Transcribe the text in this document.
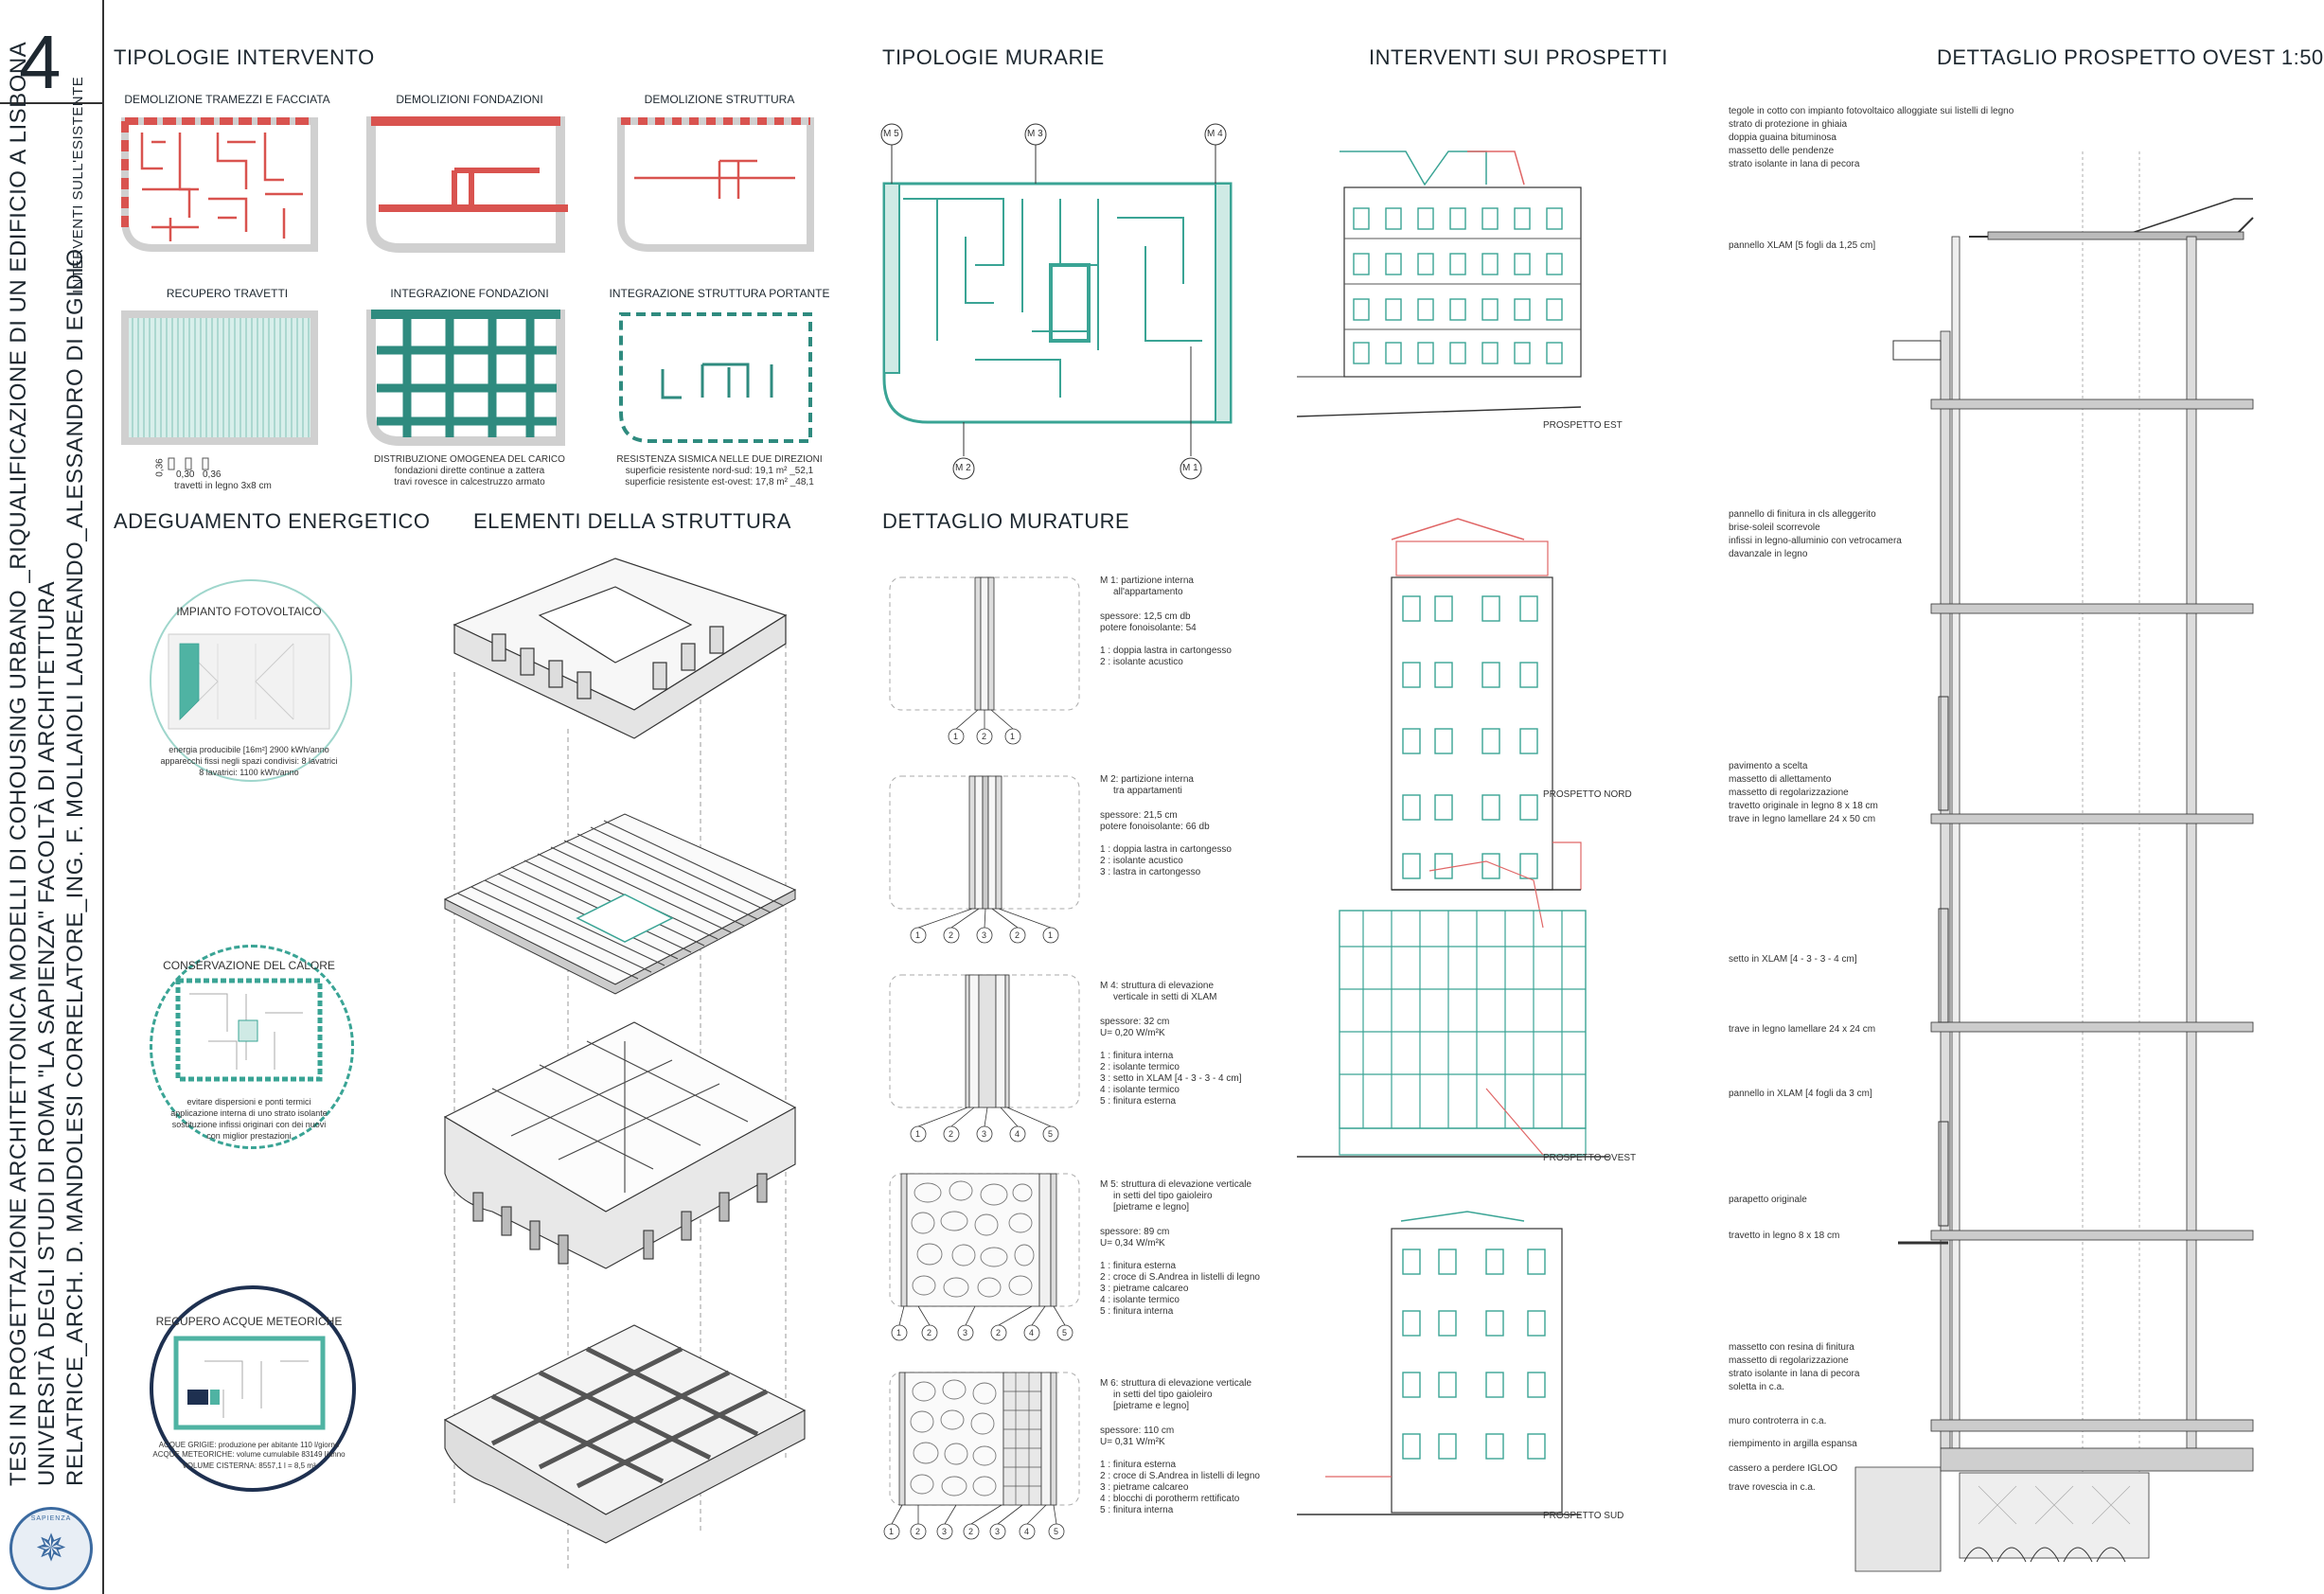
4
INTERVENTI SULL'ESISTENTE
TESI IN PROGETTAZIONE ARCHITETTONICA MODELLI DI COHOUSING URBANO _RIQUALIFICAZIONE DI UN EDIFICIO A LISBONA UNIVERSITÀ DEGLI STUDI DI ROMA "LA SAPIENZA" FACOLTÀ DI ARCHITETTURA RELATRICE_ARCH. D. MANDOLESI CORRELATORE_ING. F. MOLLAIOLI LAUREANDO_ALESSANDRO DI EGIDIO
✵
SAPIENZA
TIPOLOGIE INTERVENTO
DEMOLIZIONE TRAMEZZI E FACCIATA	DEMOLIZIONI FONDAZIONI	DEMOLIZIONE STRUTTURA
RECUPERO TRAVETTI	INTEGRAZIONE FONDAZIONI	INTEGRAZIONE STRUTTURA PORTANTE
0,36 0,30 0,36
travetti in legno 3x8 cm
DISTRIBUZIONE OMOGENEA DEL CARICO
fondazioni dirette continue a zattera
travi rovesce in calcestruzzo armato
RESISTENZA SISMICA NELLE DUE DIREZIONI
superficie resistente nord-sud: 19,1 m² _52,1
superficie resistente est-ovest: 17,8 m² _48,1
TIPOLOGIE MURARIE
M 5	M 3	M 4
M 2	M 1
INTERVENTI SUI PROSPETTI
PROSPETTO EST
PROSPETTO NORD
PROSPETTO OVEST
PROSPETTO SUD
DETTAGLIO PROSPETTO OVEST 1:50
tegole in cotto con impianto fotovoltaico alloggiate sui listelli di legno
strato di protezione in ghiaia
doppia guaina bituminosa
massetto delle pendenze
strato isolante in lana di pecora
pannello XLAM [5 fogli da 1,25 cm]
pannello di finitura in cls alleggerito
brise-soleil scorrevole
infissi in legno-alluminio con vetrocamera
davanzale in legno
pavimento a scelta
massetto di allettamento
massetto di regolarizzazione
travetto originale in legno 8 x 18 cm
trave in legno lamellare 24 x 50 cm
setto in XLAM [4 - 3 - 3 - 4 cm]
trave in legno lamellare 24 x 24 cm
pannello in XLAM [4 fogli da 3 cm]
parapetto originale
travetto in legno 8 x 18 cm
massetto con resina di finitura
massetto di regolarizzazione
strato isolante in lana di pecora
soletta in c.a.
muro controterra in c.a.
riempimento in argilla espansa
cassero a perdere IGLOO
trave rovescia in c.a.
ADEGUAMENTO ENERGETICO
IMPIANTO FOTOVOLTAICO
energia producibile [16m²] 2900 kWh/anno
apparecchi fissi negli spazi condivisi: 8 lavatrici
8 lavatrici: 1100 kWh/anno
CONSERVAZIONE DEL CALORE
evitare dispersioni e ponti termici
applicazione interna di uno strato isolante
sostituzione infissi originari con dei nuovi
con miglior prestazioni
RECUPERO ACQUE METEORICHE
ACQUE GRIGIE: produzione per abitante 110 l/giorno
ACQUE METEORICHE: volume cumulabile 83149 l/anno
VOLUME CISTERNA: 8557,1 l = 8,5 m³
ELEMENTI DELLA STRUTTURA	DETTAGLIO MURATURE
1	2	1
1	2	3	2	1
1	2	3	4	5
1	2	3	2	4	5
1	2	3	2	3	4	5
M 1: partizione interna
all'appartamento
spessore: 12,5 cm db
potere fonoisolante: 54
1 : doppia lastra in cartongesso
2 : isolante acustico
M 2: partizione interna
tra appartamenti
spessore: 21,5 cm
potere fonoisolante: 66 db
1 : doppia lastra in cartongesso
2 : isolante acustico
3 : lastra in cartongesso
M 4: struttura di elevazione
verticale in setti di XLAM
spessore: 32 cm
U= 0,20 W/m²K
1 : finitura interna
2 : isolante termico
3 : setto in XLAM [4 - 3 - 3 - 4 cm]
4 : isolante termico
5 : finitura esterna
M 5: struttura di elevazione verticale
in setti del tipo gaioleiro
[pietrame e legno]
spessore: 89 cm
U= 0,34 W/m²K
1 : finitura esterna
2 : croce di S.Andrea in listelli di legno
3 : pietrame calcareo
4 : isolante termico
5 : finitura interna
M 6: struttura di elevazione verticale
in setti del tipo gaioleiro
[pietrame e legno]
spessore: 110 cm
U= 0,31 W/m²K
1 : finitura esterna
2 : croce di S.Andrea in listelli di legno
3 : pietrame calcareo
4 : blocchi di porotherm rettificato
5 : finitura interna
